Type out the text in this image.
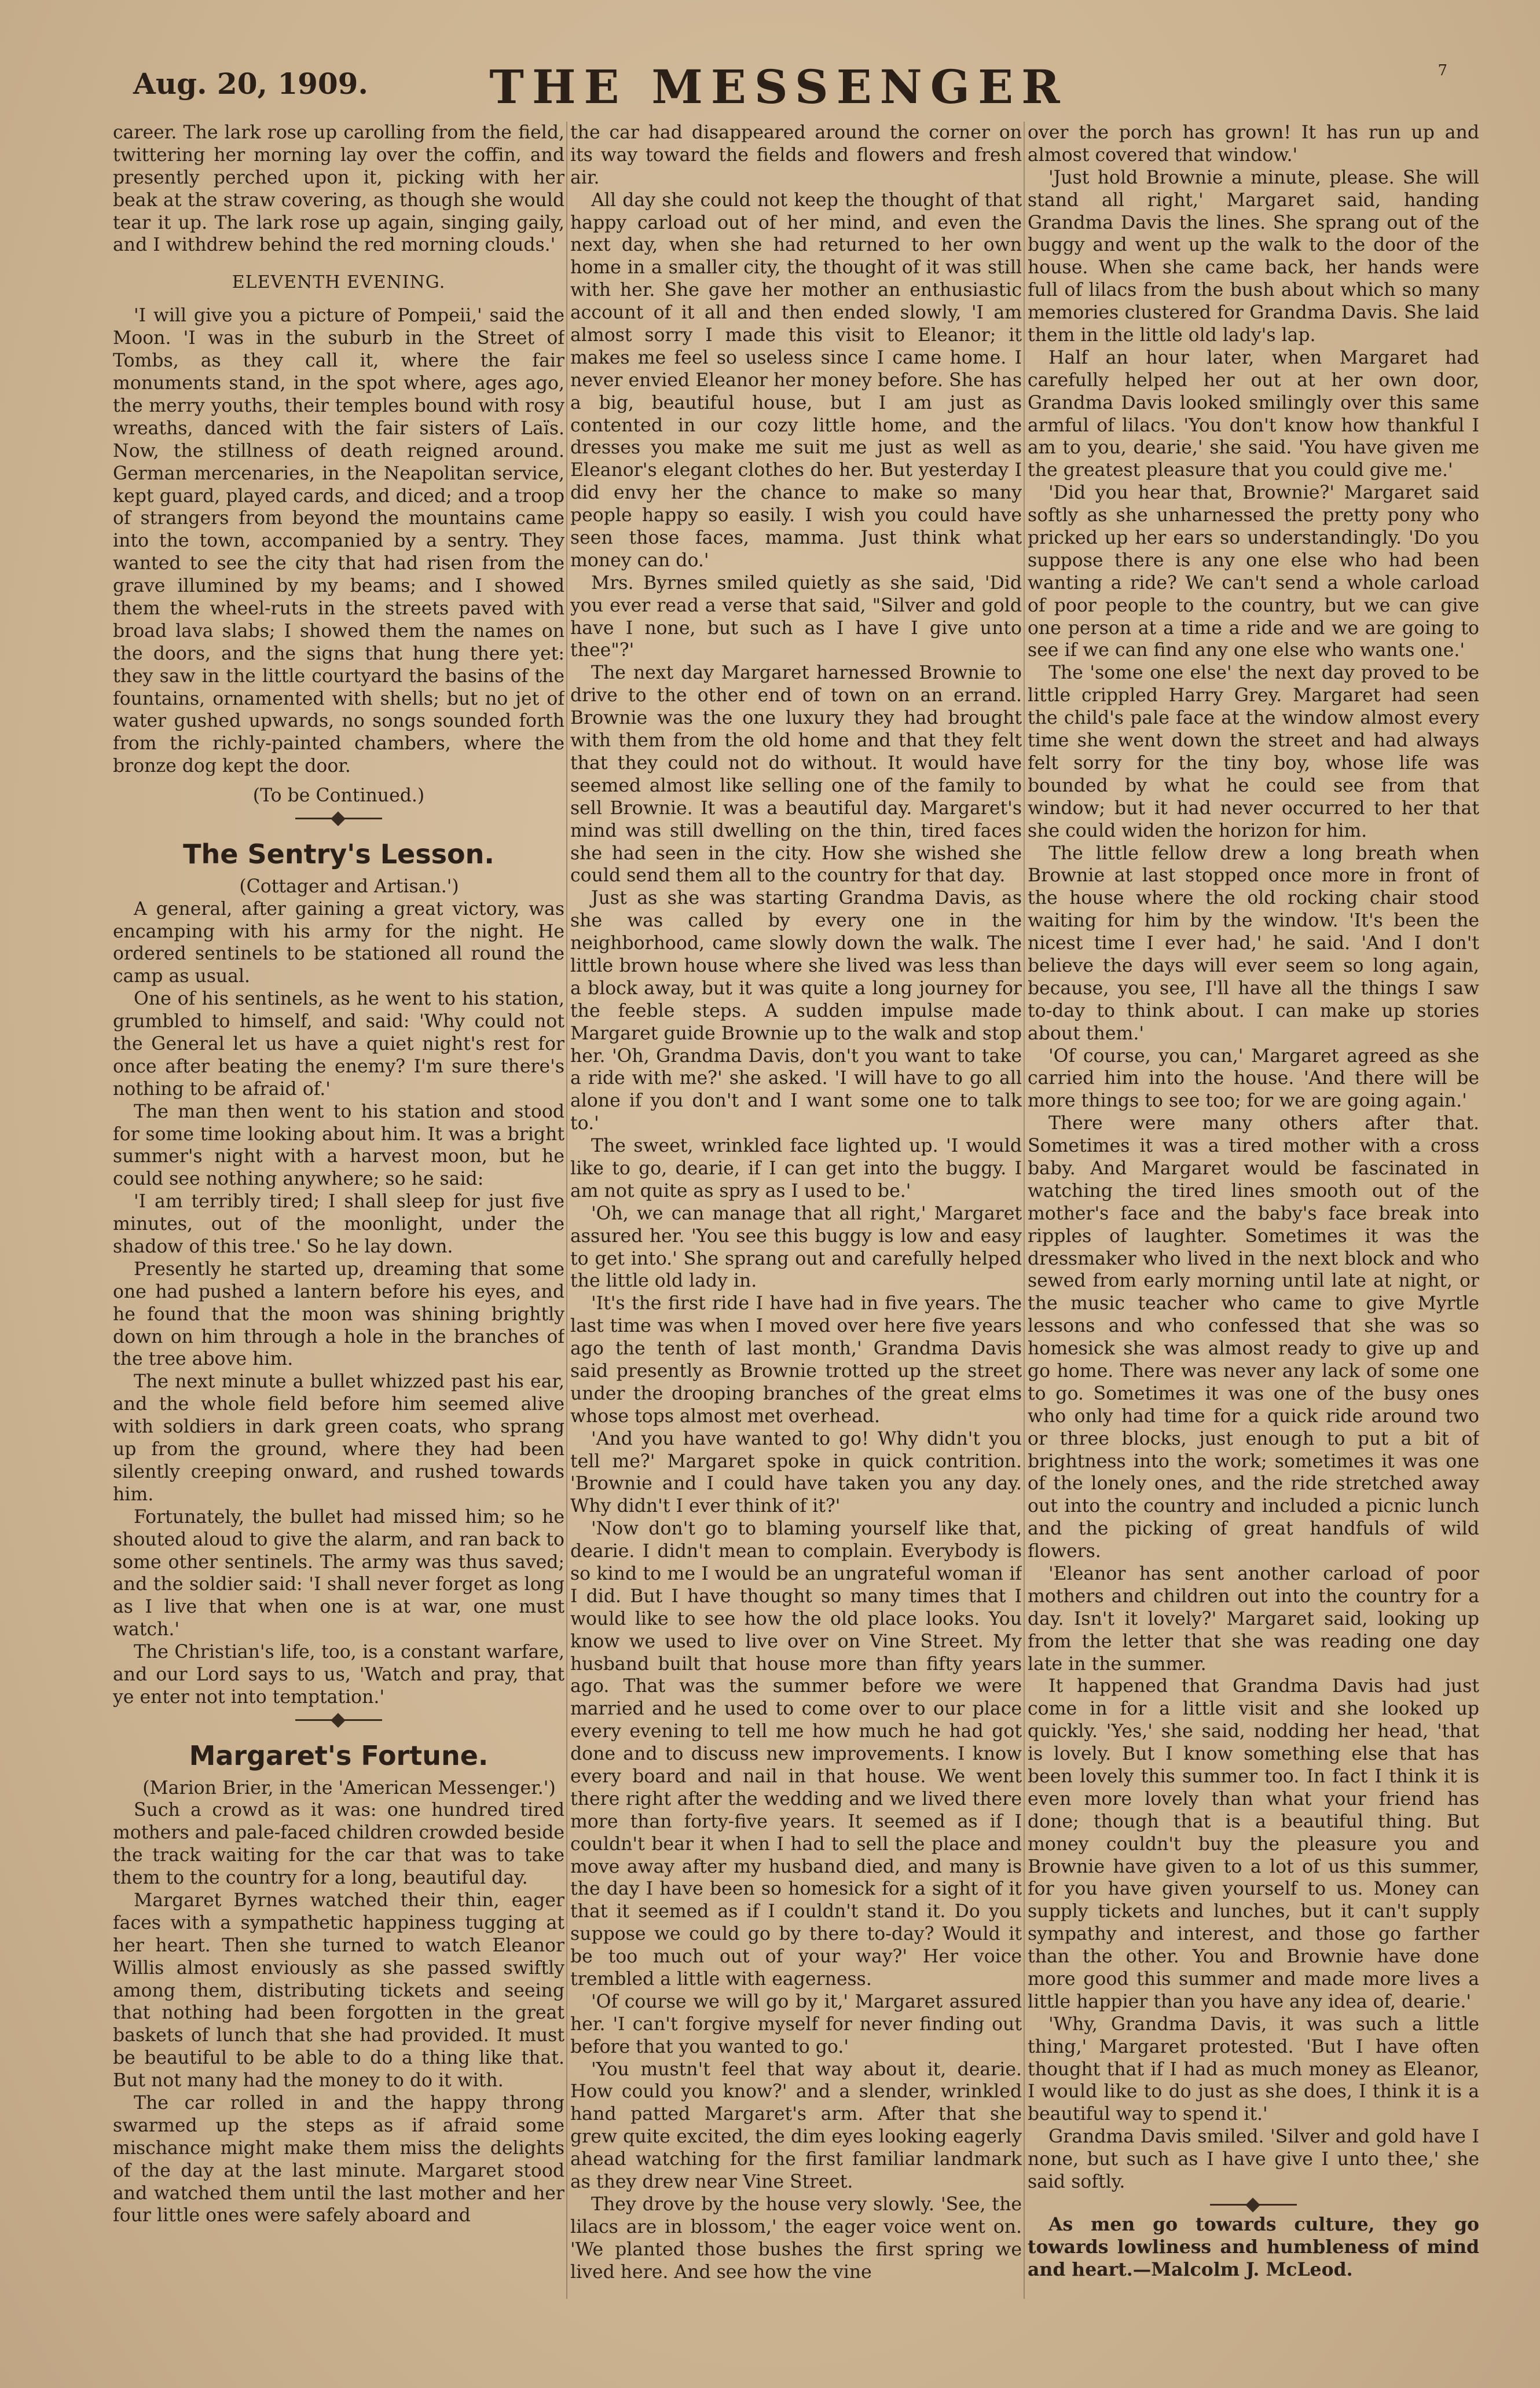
Aug. 20, 1909.	THE MESSENGER	7

career. The lark rose up carolling from the field, twittering her morning lay over the coffin, and presently perched upon it, picking with her beak at the straw covering, as though she would tear it up. The lark rose up again, singing gaily, and I withdrew behind the red morning clouds.'

ELEVENTH EVENING.

'I will give you a picture of Pompeii,' said the Moon. 'I was in the suburb in the Street of Tombs, as they call it, where the fair monuments stand, in the spot where, ages ago, the merry youths, their temples bound with rosy wreaths, danced with the fair sisters of Laïs. Now, the stillness of death reigned around. German mercenaries, in the Neapolitan service, kept guard, played cards, and diced; and a troop of strangers from beyond the mountains came into the town, accompanied by a sentry. They wanted to see the city that had risen from the grave illumined by my beams; and I showed them the wheel-ruts in the streets paved with broad lava slabs; I showed them the names on the doors, and the signs that hung there yet: they saw in the little courtyard the basins of the fountains, ornamented with shells; but no jet of water gushed upwards, no songs sounded forth from the richly-painted chambers, where the bronze dog kept the door.

(To be Continued.)
The Sentry's Lesson.

(Cottager and Artisan.')

A general, after gaining a great victory, was encamping with his army for the night. He ordered sentinels to be stationed all round the camp as usual.

One of his sentinels, as he went to his station, grumbled to himself, and said: 'Why could not the General let us have a quiet night's rest for once after beating the enemy? I'm sure there's nothing to be afraid of.'

The man then went to his station and stood for some time looking about him. It was a bright summer's night with a harvest moon, but he could see nothing anywhere; so he said:

'I am terribly tired; I shall sleep for just five minutes, out of the moonlight, under the shadow of this tree.' So he lay down.

Presently he started up, dreaming that some one had pushed a lantern before his eyes, and he found that the moon was shining brightly down on him through a hole in the branches of the tree above him.

The next minute a bullet whizzed past his ear, and the whole field before him seemed alive with soldiers in dark green coats, who sprang up from the ground, where they had been silently creeping onward, and rushed towards him.

Fortunately, the bullet had missed him; so he shouted aloud to give the alarm, and ran back to some other sentinels. The army was thus saved; and the soldier said: 'I shall never forget as long as I live that when one is at war, one must watch.'

The Christian's life, too, is a constant warfare, and our Lord says to us, 'Watch and pray, that ye enter not into temptation.'

Margaret's Fortune.

(Marion Brier, in the 'American Messenger.')

Such a crowd as it was: one hundred tired mothers and pale-faced children crowded beside the track waiting for the car that was to take them to the country for a long, beautiful day.

Margaret Byrnes watched their thin, eager faces with a sympathetic happiness tugging at her heart. Then she turned to watch Eleanor Willis almost enviously as she passed swiftly among them, distributing tickets and seeing that nothing had been forgotten in the great baskets of lunch that she had provided. It must be beautiful to be able to do a thing like that. But not many had the money to do it with.

The car rolled in and the happy throng swarmed up the steps as if afraid some mischance might make them miss the delights of the day at the last minute. Margaret stood and watched them until the last mother and her four little ones were safely aboard and

the car had disappeared around the corner on its way toward the fields and flowers and fresh air.

All day she could not keep the thought of that happy carload out of her mind, and even the next day, when she had returned to her own home in a smaller city, the thought of it was still with her. She gave her mother an enthusiastic account of it all and then ended slowly, 'I am almost sorry I made this visit to Eleanor; it makes me feel so useless since I came home. I never envied Eleanor her money before. She has a big, beautiful house, but I am just as contented in our cozy little home, and the dresses you make me suit me just as well as Eleanor's elegant clothes do her. But yesterday I did envy her the chance to make so many people happy so easily. I wish you could have seen those faces, mamma. Just think what money can do.'

Mrs. Byrnes smiled quietly as she said, 'Did you ever read a verse that said, "Silver and gold have I none, but such as I have I give unto thee"?'

The next day Margaret harnessed Brownie to drive to the other end of town on an errand. Brownie was the one luxury they had brought with them from the old home and that they felt that they could not do without. It would have seemed almost like selling one of the family to sell Brownie. It was a beautiful day. Margaret's mind was still dwelling on the thin, tired faces she had seen in the city. How she wished she could send them all to the country for that day.

Just as she was starting Grandma Davis, as she was called by every one in the neighborhood, came slowly down the walk. The little brown house where she lived was less than a block away, but it was quite a long journey for the feeble steps. A sudden impulse made Margaret guide Brownie up to the walk and stop her. 'Oh, Grandma Davis, don't you want to take a ride with me?' she asked. 'I will have to go all alone if you don't and I want some one to talk to.'

The sweet, wrinkled face lighted up. 'I would like to go, dearie, if I can get into the buggy. I am not quite as spry as I used to be.'

'Oh, we can manage that all right,' Margaret assured her. 'You see this buggy is low and easy to get into.' She sprang out and carefully helped the little old lady in.

'It's the first ride I have had in five years. The last time was when I moved over here five years ago the tenth of last month,' Grandma Davis said presently as Brownie trotted up the street under the drooping branches of the great elms whose tops almost met overhead.

'And you have wanted to go! Why didn't you tell me?' Margaret spoke in quick contrition. 'Brownie and I could have taken you any day. Why didn't I ever think of it?'

'Now don't go to blaming yourself like that, dearie. I didn't mean to complain. Everybody is so kind to me I would be an ungrateful woman if I did. But I have thought so many times that I would like to see how the old place looks. You know we used to live over on Vine Street. My husband built that house more than fifty years ago. That was the summer before we were married and he used to come over to our place every evening to tell me how much he had got done and to discuss new improvements. I know every board and nail in that house. We went there right after the wedding and we lived there more than forty-five years. It seemed as if I couldn't bear it when I had to sell the place and move away after my husband died, and many is the day I have been so homesick for a sight of it that it seemed as if I couldn't stand it. Do you suppose we could go by there to-day? Would it be too much out of your way?' Her voice trembled a little with eagerness.

'Of course we will go by it,' Margaret assured her. 'I can't forgive myself for never finding out before that you wanted to go.'

'You mustn't feel that way about it, dearie. How could you know?' and a slender, wrinkled hand patted Margaret's arm. After that she grew quite excited, the dim eyes looking eagerly ahead watching for the first familiar landmark as they drew near Vine Street.

They drove by the house very slowly. 'See, the lilacs are in blossom,' the eager voice went on. 'We planted those bushes the first spring we lived here. And see how the vine

over the porch has grown! It has run up and almost covered that window.'

'Just hold Brownie a minute, please. She will stand all right,' Margaret said, handing Grandma Davis the lines. She sprang out of the buggy and went up the walk to the door of the house. When she came back, her hands were full of lilacs from the bush about which so many memories clustered for Grandma Davis. She laid them in the little old lady's lap.

Half an hour later, when Margaret had carefully helped her out at her own door, Grandma Davis looked smilingly over this same armful of lilacs. 'You don't know how thankful I am to you, dearie,' she said. 'You have given me the greatest pleasure that you could give me.'

'Did you hear that, Brownie?' Margaret said softly as she unharnessed the pretty pony who pricked up her ears so understandingly. 'Do you suppose there is any one else who had been wanting a ride? We can't send a whole carload of poor people to the country, but we can give one person at a time a ride and we are going to see if we can find any one else who wants one.'

The 'some one else' the next day proved to be little crippled Harry Grey. Margaret had seen the child's pale face at the window almost every time she went down the street and had always felt sorry for the tiny boy, whose life was bounded by what he could see from that window; but it had never occurred to her that she could widen the horizon for him.

The little fellow drew a long breath when Brownie at last stopped once more in front of the house where the old rocking chair stood waiting for him by the window. 'It's been the nicest time I ever had,' he said. 'And I don't believe the days will ever seem so long again, because, you see, I'll have all the things I saw to-day to think about. I can make up stories about them.'

'Of course, you can,' Margaret agreed as she carried him into the house. 'And there will be more things to see too; for we are going again.'

There were many others after that. Sometimes it was a tired mother with a cross baby. And Margaret would be fascinated in watching the tired lines smooth out of the mother's face and the baby's face break into ripples of laughter. Sometimes it was the dressmaker who lived in the next block and who sewed from early morning until late at night, or the music teacher who came to give Myrtle lessons and who confessed that she was so homesick she was almost ready to give up and go home. There was never any lack of some one to go. Sometimes it was one of the busy ones who only had time for a quick ride around two or three blocks, just enough to put a bit of brightness into the work; sometimes it was one of the lonely ones, and the ride stretched away out into the country and included a picnic lunch and the picking of great handfuls of wild flowers.

'Eleanor has sent another carload of poor mothers and children out into the country for a day. Isn't it lovely?' Margaret said, looking up from the letter that she was reading one day late in the summer.

It happened that Grandma Davis had just come in for a little visit and she looked up quickly. 'Yes,' she said, nodding her head, 'that is lovely. But I know something else that has been lovely this summer too. In fact I think it is even more lovely than what your friend has done; though that is a beautiful thing. But money couldn't buy the pleasure you and Brownie have given to a lot of us this summer, for you have given yourself to us. Money can supply tickets and lunches, but it can't supply sympathy and interest, and those go farther than the other. You and Brownie have done more good this summer and made more lives a little happier than you have any idea of, dearie.'

'Why, Grandma Davis, it was such a little thing,' Margaret protested. 'But I have often thought that if I had as much money as Eleanor, I would like to do just as she does, I think it is a beautiful way to spend it.'

Grandma Davis smiled. 'Silver and gold have I none, but such as I have give I unto thee,' she said softly.

As men go towards culture, they go towards lowliness and humbleness of mind and heart.—Malcolm J. McLeod.
